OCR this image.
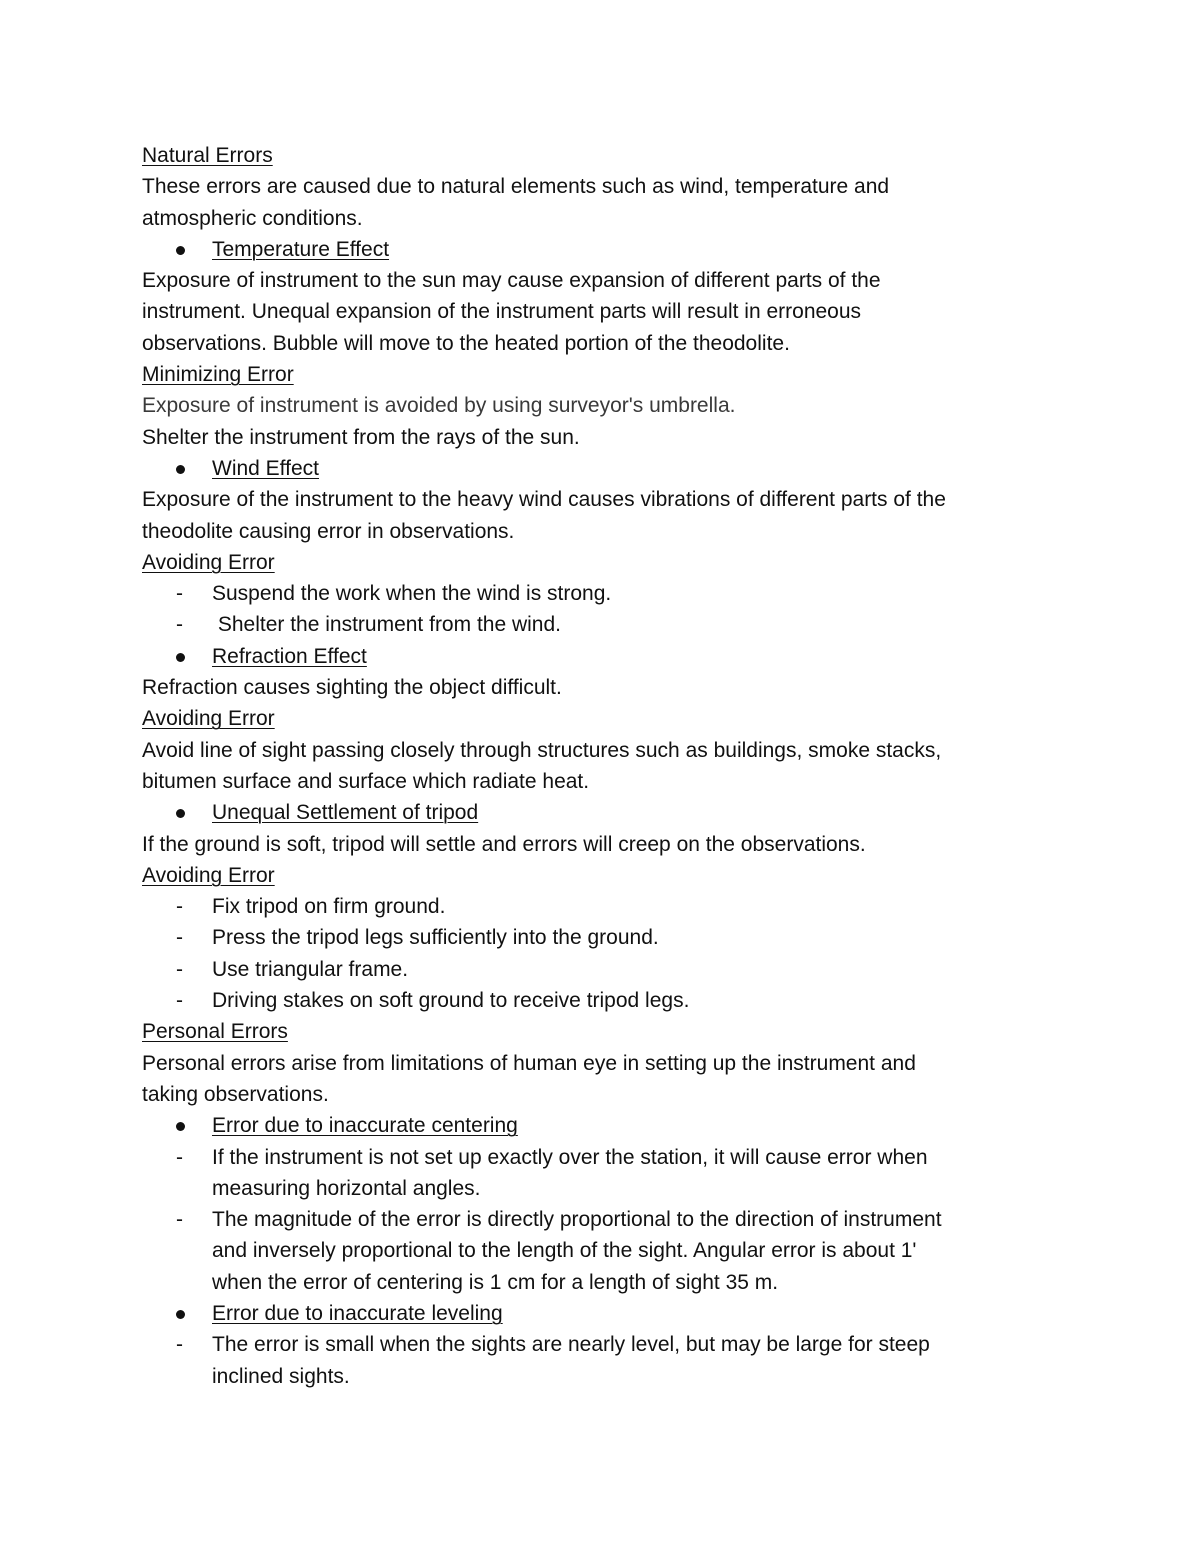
Natural Errors
These errors are caused due to natural elements such as wind, temperature and
atmospheric conditions.
Temperature Effect
Exposure of instrument to the sun may cause expansion of different parts of the
instrument. Unequal expansion of the instrument parts will result in erroneous
observations. Bubble will move to the heated portion of the theodolite.
Minimizing Error
Exposure of instrument is avoided by using surveyor's umbrella.
Shelter the instrument from the rays of the sun.
Wind Effect
Exposure of the instrument to the heavy wind causes vibrations of different parts of the
theodolite causing error in observations.
Avoiding Error
- Suspend the work when the wind is strong.
- Shelter the instrument from the wind.
Refraction Effect
Refraction causes sighting the object difficult.
Avoiding Error
Avoid line of sight passing closely through structures such as buildings, smoke stacks,
bitumen surface and surface which radiate heat.
Unequal Settlement of tripod
If the ground is soft, tripod will settle and errors will creep on the observations.
Avoiding Error
- Fix tripod on firm ground.
- Press the tripod legs sufficiently into the ground.
- Use triangular frame.
- Driving stakes on soft ground to receive tripod legs.
Personal Errors
Personal errors arise from limitations of human eye in setting up the instrument and
taking observations.
Error due to inaccurate centering
- If the instrument is not set up exactly over the station, it will cause error when
measuring horizontal angles.
- The magnitude of the error is directly proportional to the direction of instrument
and inversely proportional to the length of the sight. Angular error is about 1'
when the error of centering is 1 cm for a length of sight 35 m.
Error due to inaccurate leveling
- The error is small when the sights are nearly level, but may be large for steep
inclined sights.
